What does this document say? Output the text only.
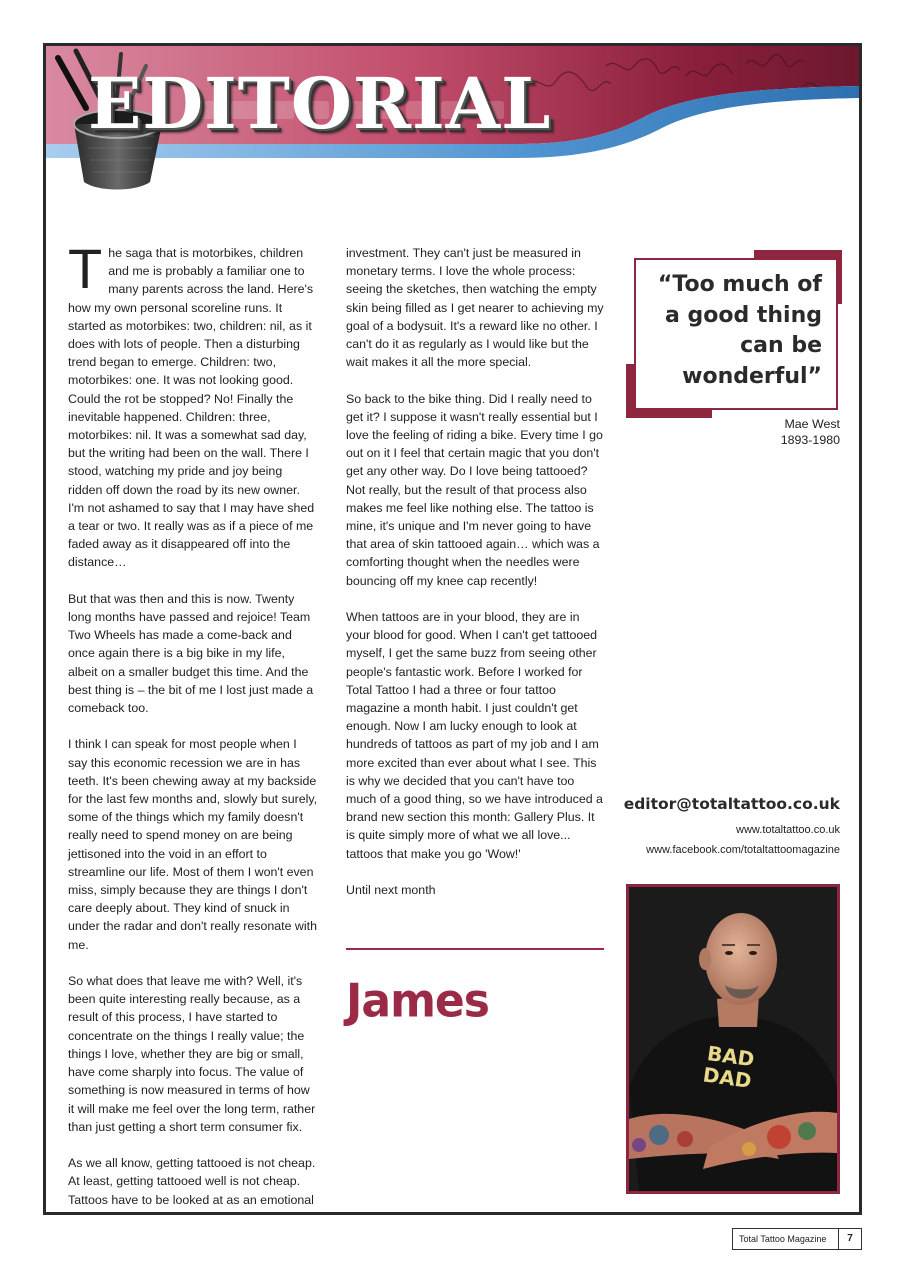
EDITORIAL

The saga that is motorbikes, children and me is probably a familiar one to many parents across the land. Here's how my own personal scoreline runs. It started as motorbikes: two, children: nil, as it does with lots of people. Then a disturbing trend began to emerge. Children: two, motorbikes: one. It was not looking good. Could the rot be stopped? No! Finally the inevitable happened. Children: three, motorbikes: nil. It was a somewhat sad day, but the writing had been on the wall. There I stood, watching my pride and joy being ridden off down the road by its new owner. I'm not ashamed to say that I may have shed a tear or two. It really was as if a piece of me faded away as it disappeared off into the distance…

But that was then and this is now. Twenty long months have passed and rejoice! Team Two Wheels has made a come-back and once again there is a big bike in my life, albeit on a smaller budget this time. And the best thing is – the bit of me I lost just made a comeback too.

I think I can speak for most people when I say this economic recession we are in has teeth. It's been chewing away at my backside for the last few months and, slowly but surely, some of the things which my family doesn't really need to spend money on are being jettisoned into the void in an effort to streamline our life. Most of them I won't even miss, simply because they are things I don't care deeply about. They kind of snuck in under the radar and don't really resonate with me.

So what does that leave me with? Well, it's been quite interesting really because, as a result of this process, I have started to concentrate on the things I really value; the things I love, whether they are big or small, have come sharply into focus. The value of something is now measured in terms of how it will make me feel over the long term, rather than just getting a short term consumer fix.

As we all know, getting tattooed is not cheap. At least, getting tattooed well is not cheap. Tattoos have to be looked at as an emotional

investment. They can't just be measured in monetary terms. I love the whole process: seeing the sketches, then watching the empty skin being filled as I get nearer to achieving my goal of a bodysuit. It's a reward like no other. I can't do it as regularly as I would like but the wait makes it all the more special.

So back to the bike thing. Did I really need to get it? I suppose it wasn't really essential but I love the feeling of riding a bike. Every time I go out on it I feel that certain magic that you don't get any other way. Do I love being tattooed? Not really, but the result of that process also makes me feel like nothing else. The tattoo is mine, it's unique and I'm never going to have that area of skin tattooed again… which was a comforting thought when the needles were bouncing off my knee cap recently!

When tattoos are in your blood, they are in your blood for good. When I can't get tattooed myself, I get the same buzz from seeing other people's fantastic work. Before I worked for Total Tattoo I had a three or four tattoo magazine a month habit. I just couldn't get enough. Now I am lucky enough to look at hundreds of tattoos as part of my job and I am more excited than ever about what I see. This is why we decided that you can't have too much of a good thing, so we have introduced a brand new section this month: Gallery Plus. It is quite simply more of what we all love... tattoos that make you go 'Wow!'

Until next month

James
“Too much of
a good thing
can be
wonderful”
Mae West
1893-1980
editor@totaltattoo.co.uk
www.totaltattoo.co.uk
www.facebook.com/totaltattoomagazine
BAD
DAD
Total Tattoo Magazine	7
